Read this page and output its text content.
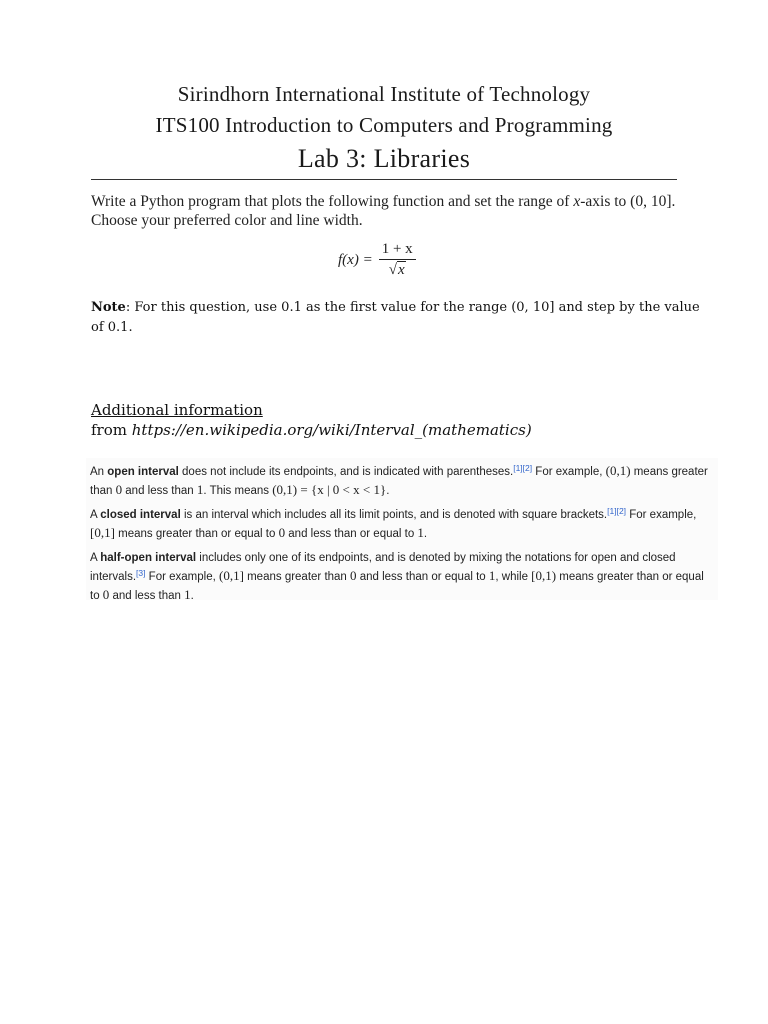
Sirindhorn International Institute of Technology
ITS100 Introduction to Computers and Programming
Lab 3: Libraries
Write a Python program that plots the following function and set the range of x-axis to (0, 10]. Choose your preferred color and line width.
$f(x) = \frac{1 + x}{√x}$
Note: For this question, use 0.1 as the first value for the range (0, 10] and step by the value of 0.1.
Additional information
from https://en.wikipedia.org/wiki/Interval_(mathematics)

An open interval does not include its endpoints, and is indicated with parentheses.[1][2] For example, (0,1) means greater than 0 and less than 1. This means (0,1) = {x | 0 < x < 1}.

A closed interval is an interval which includes all its limit points, and is denoted with square brackets.[1][2] For example, [0,1] means greater than or equal to 0 and less than or equal to 1.

A half-open interval includes only one of its endpoints, and is denoted by mixing the notations for open and closed intervals.[3] For example, (0,1] means greater than 0 and less than or equal to 1, while [0,1) means greater than or equal to 0 and less than 1.
